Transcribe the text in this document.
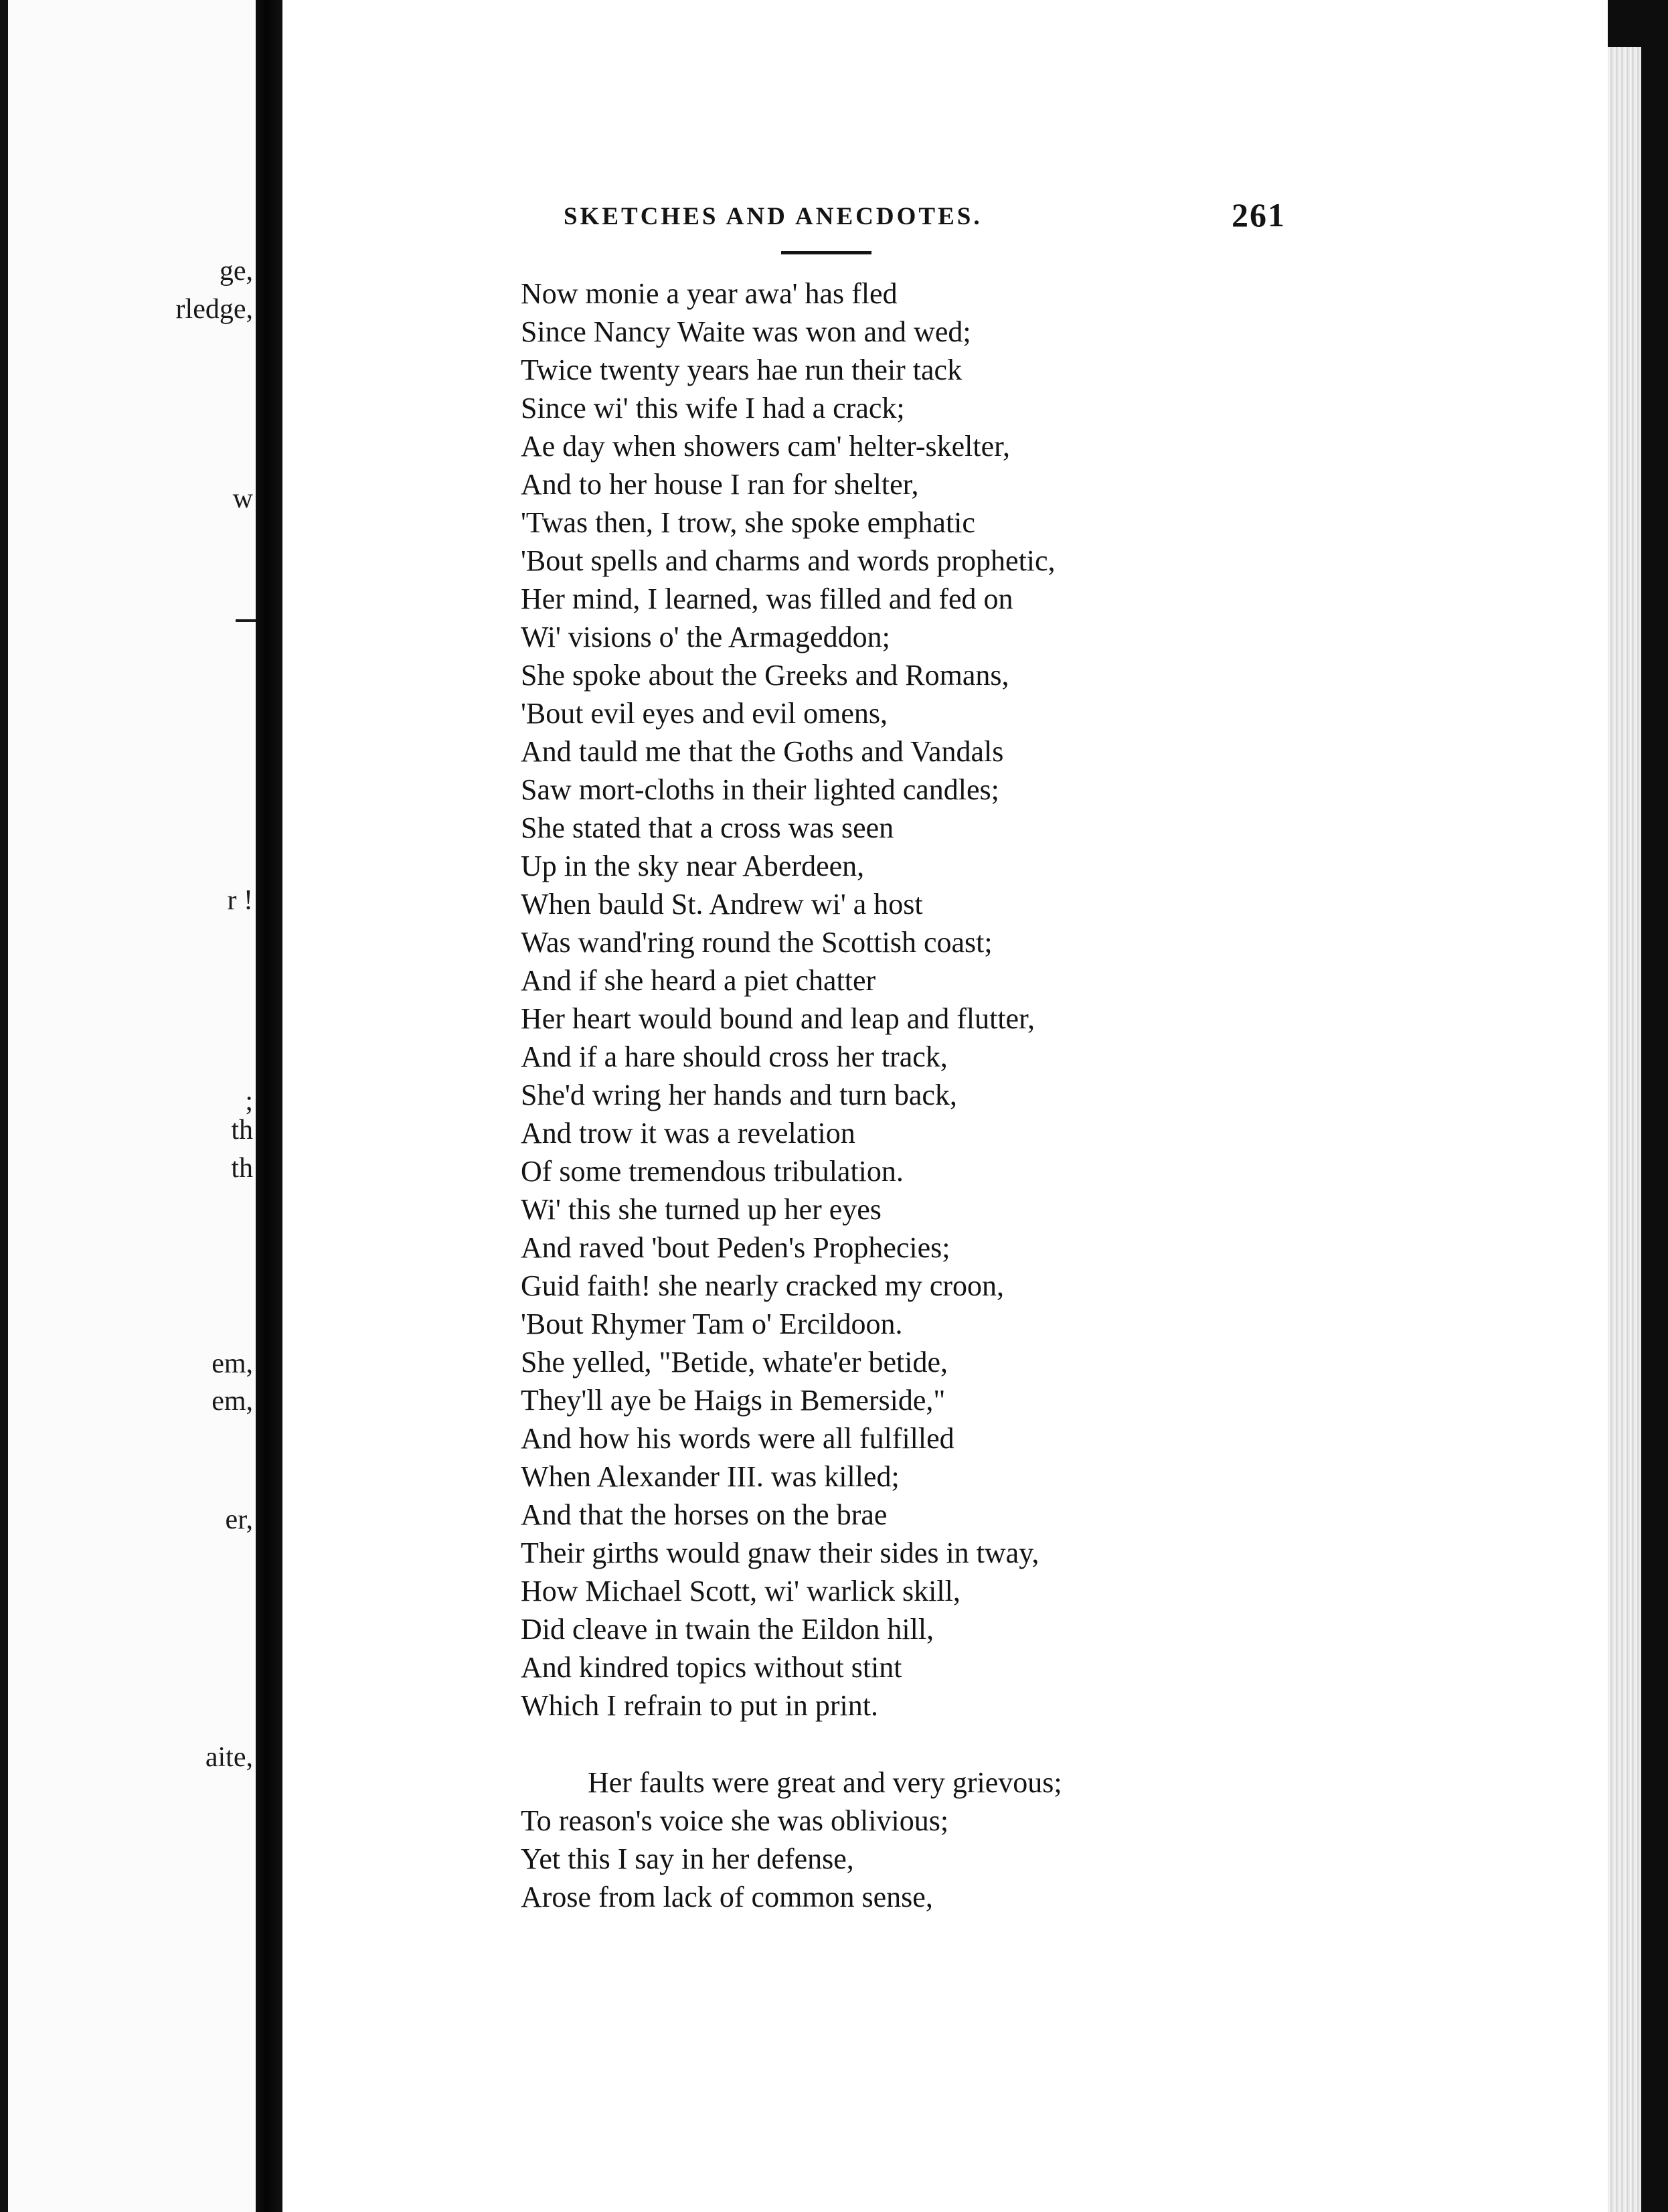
ge,
rledge,
w
r !
;
th
th
em,
em,
er,
aite,
SKETCHES AND ANECDOTES.	261
Now monie a year awa' has fled
Since Nancy Waite was won and wed;
Twice twenty years hae run their tack
Since wi' this wife I had a crack;
Ae day when showers cam' helter-skelter,
And to her house I ran for shelter,
'Twas then, I trow, she spoke emphatic
'Bout spells and charms and words prophetic,
Her mind, I learned, was filled and fed on
Wi' visions o' the Armageddon;
She spoke about the Greeks and Romans,
'Bout evil eyes and evil omens,
And tauld me that the Goths and Vandals
Saw mort-cloths in their lighted candles;
She stated that a cross was seen
Up in the sky near Aberdeen,
When bauld St. Andrew wi' a host
Was wand'ring round the Scottish coast;
And if she heard a piet chatter
Her heart would bound and leap and flutter,
And if a hare should cross her track,
She'd wring her hands and turn back,
And trow it was a revelation
Of some tremendous tribulation.
Wi' this she turned up her eyes
And raved 'bout Peden's Prophecies;
Guid faith! she nearly cracked my croon,
'Bout Rhymer Tam o' Ercildoon.
She yelled, "Betide, whate'er betide,
They'll aye be Haigs in Bemerside,"
And how his words were all fulfilled
When Alexander III. was killed;
And that the horses on the brae
Their girths would gnaw their sides in tway,
How Michael Scott, wi' warlick skill,
Did cleave in twain the Eildon hill,
And kindred topics without stint
Which I refrain to put in print.
Her faults were great and very grievous;
To reason's voice she was oblivious;
Yet this I say in her defense,
Arose from lack of common sense,
